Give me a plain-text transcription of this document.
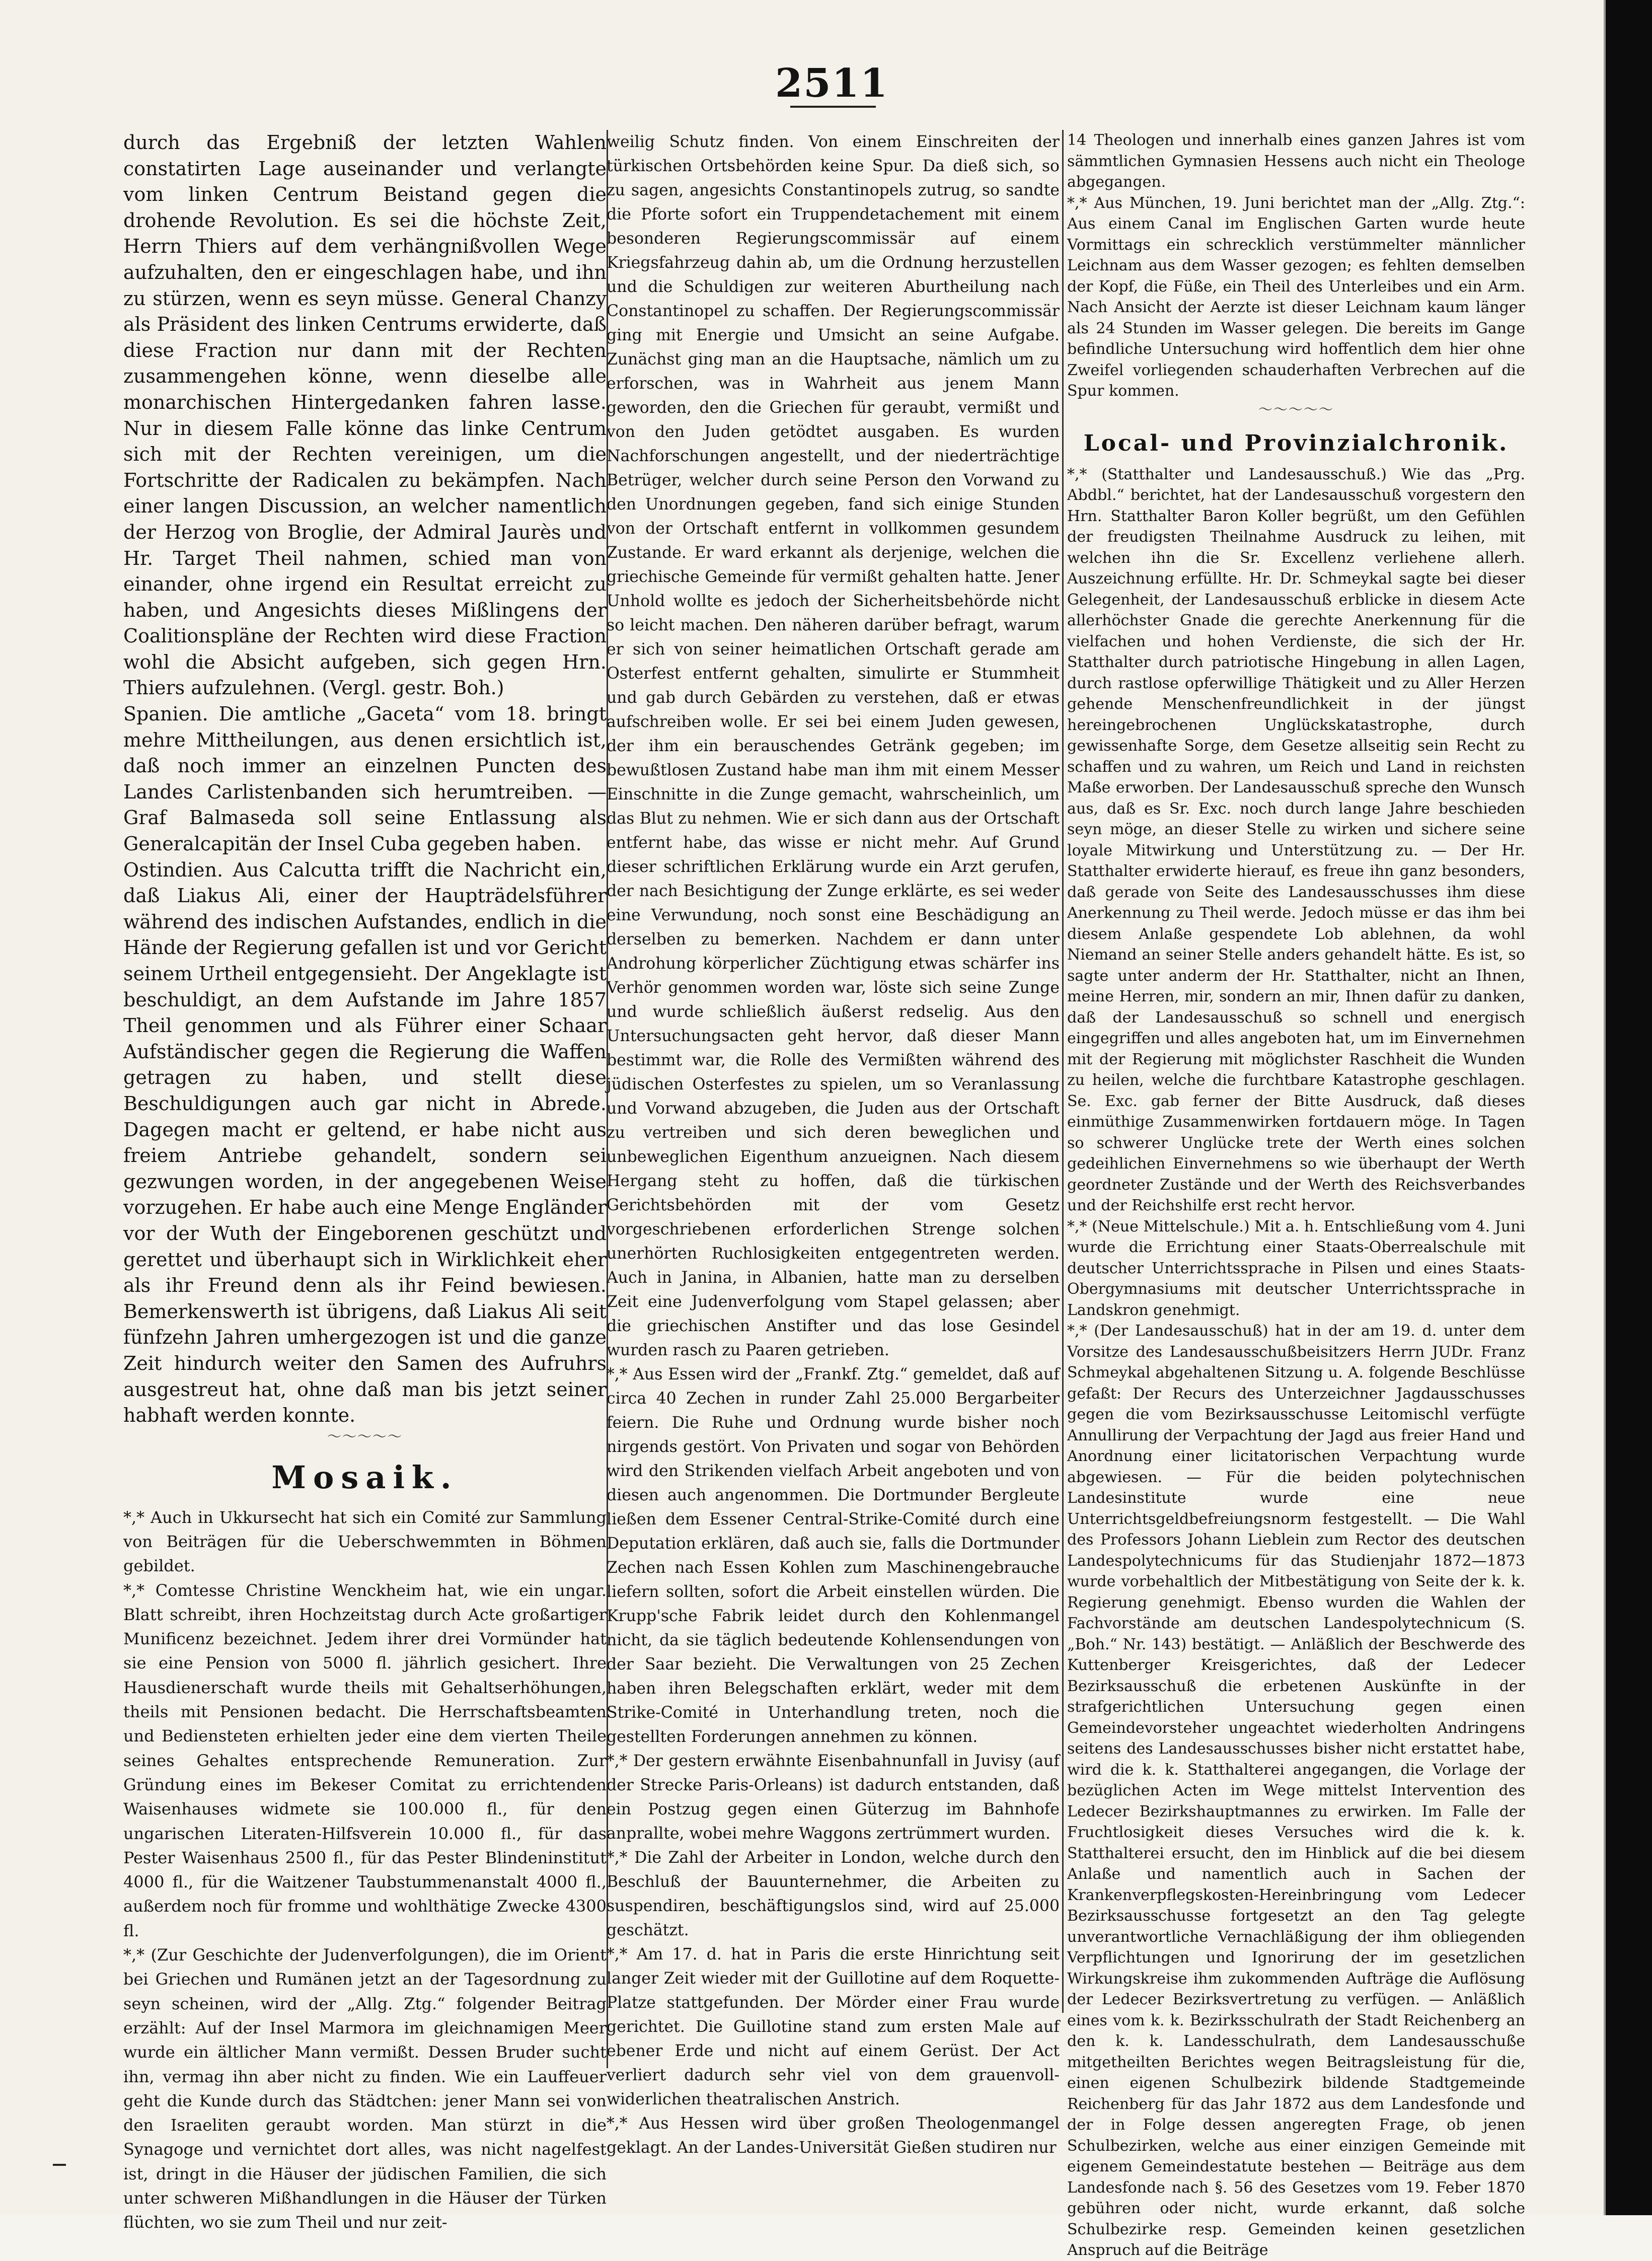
2511

durch das Ergebniß der letzten Wahlen constatirten Lage auseinander und verlangte vom linken Centrum Beistand gegen die drohende Revolution. Es sei die höchste Zeit, Herrn Thiers auf dem verhängnißvollen Wege aufzuhalten, den er eingeschlagen habe, und ihn zu stürzen, wenn es seyn müsse. General Chanzy als Präsident des linken Centrums erwiderte, daß diese Fraction nur dann mit der Rechten zusammengehen könne, wenn dieselbe alle monarchischen Hintergedanken fahren lasse. Nur in diesem Falle könne das linke Centrum sich mit der Rechten vereinigen, um die Fortschritte der Radicalen zu bekämpfen. Nach einer langen Discussion, an welcher namentlich der Herzog von Broglie, der Admiral Jaurès und Hr. Target Theil nahmen, schied man von einander, ohne irgend ein Resultat erreicht zu haben, und Angesichts dieses Mißlingens der Coalitionspläne der Rechten wird diese Fraction wohl die Absicht aufgeben, sich gegen Hrn. Thiers aufzulehnen. (Vergl. gestr. Boh.)

Spanien. Die amtliche „Gaceta“ vom 18. bringt mehre Mittheilungen, aus denen ersichtlich ist, daß noch immer an einzelnen Puncten des Landes Carlistenbanden sich herumtreiben. — Graf Balmaseda soll seine Entlassung als Generalcapitän der Insel Cuba gegeben haben.

Ostindien. Aus Calcutta trifft die Nachricht ein, daß Liakus Ali, einer der Haupträdelsführer während des indischen Aufstandes, endlich in die Hände der Regierung gefallen ist und vor Gericht seinem Urtheil entgegensieht. Der Angeklagte ist beschuldigt, an dem Aufstande im Jahre 1857 Theil genommen und als Führer einer Schaar Aufständischer gegen die Regierung die Waffen getragen zu haben, und stellt diese Beschuldigungen auch gar nicht in Abrede. Dagegen macht er geltend, er habe nicht aus freiem Antriebe gehandelt, sondern sei gezwungen worden, in der angegebenen Weise vorzugehen. Er habe auch eine Menge Engländer vor der Wuth der Eingeborenen geschützt und gerettet und überhaupt sich in Wirklichkeit eher als ihr Freund denn als ihr Feind bewiesen. Bemerkenswerth ist übrigens, daß Liakus Ali seit fünfzehn Jahren umhergezogen ist und die ganze Zeit hindurch weiter den Samen des Aufruhrs ausgestreut hat, ohne daß man bis jetzt seiner habhaft werden konnte.

〜〜〜〜〜
Mosaik.

*,* Auch in Ukkursecht hat sich ein Comité zur Sammlung von Beiträgen für die Ueberschwemmten in Böhmen gebildet.

*,* Comtesse Christine Wenckheim hat, wie ein ungar. Blatt schreibt, ihren Hochzeitstag durch Acte großartiger Munificenz bezeichnet. Jedem ihrer drei Vormünder hat sie eine Pension von 5000 fl. jährlich gesichert. Ihre Hausdienerschaft wurde theils mit Gehaltserhöhungen, theils mit Pensionen bedacht. Die Herrschaftsbeamten und Bediensteten erhielten jeder eine dem vierten Theile seines Gehaltes entsprechende Remuneration. Zur Gründung eines im Bekeser Comitat zu errichtenden Waisenhauses widmete sie 100.000 fl., für den ungarischen Literaten-Hilfsverein 10.000 fl., für das Pester Waisenhaus 2500 fl., für das Pester Blindeninstitut 4000 fl., für die Waitzener Taubstummenanstalt 4000 fl., außerdem noch für fromme und wohlthätige Zwecke 4300 fl.

*,* (Zur Geschichte der Judenverfolgungen), die im Orient bei Griechen und Rumänen jetzt an der Tagesordnung zu seyn scheinen, wird der „Allg. Ztg.“ folgender Beitrag erzählt: Auf der Insel Marmora im gleichnamigen Meer wurde ein ältlicher Mann vermißt. Dessen Bruder sucht ihn, vermag ihn aber nicht zu finden. Wie ein Lauffeuer geht die Kunde durch das Städtchen: jener Mann sei von den Israeliten geraubt worden. Man stürzt in die Synagoge und vernichtet dort alles, was nicht nagelfest ist, dringt in die Häuser der jüdischen Familien, die sich unter schweren Mißhandlungen in die Häuser der Türken flüchten, wo sie zum Theil und nur zeit-

weilig Schutz finden. Von einem Einschreiten der türkischen Ortsbehörden keine Spur. Da dieß sich, so zu sagen, angesichts Constantinopels zutrug, so sandte die Pforte sofort ein Truppendetachement mit einem besonderen Regierungscommissär auf einem Kriegsfahrzeug dahin ab, um die Ordnung herzustellen und die Schuldigen zur weiteren Aburtheilung nach Constantinopel zu schaffen. Der Regierungscommissär ging mit Energie und Umsicht an seine Aufgabe. Zunächst ging man an die Hauptsache, nämlich um zu erforschen, was in Wahrheit aus jenem Mann geworden, den die Griechen für geraubt, vermißt und von den Juden getödtet ausgaben. Es wurden Nachforschungen angestellt, und der niederträchtige Betrüger, welcher durch seine Person den Vorwand zu den Unordnungen gegeben, fand sich einige Stunden von der Ortschaft entfernt in vollkommen gesundem Zustande. Er ward erkannt als derjenige, welchen die griechische Gemeinde für vermißt gehalten hatte. Jener Unhold wollte es jedoch der Sicherheitsbehörde nicht so leicht machen. Den näheren darüber befragt, warum er sich von seiner heimatlichen Ortschaft gerade am Osterfest entfernt gehalten, simulirte er Stummheit und gab durch Gebärden zu verstehen, daß er etwas aufschreiben wolle. Er sei bei einem Juden gewesen, der ihm ein berauschendes Getränk gegeben; im bewußtlosen Zustand habe man ihm mit einem Messer Einschnitte in die Zunge gemacht, wahrscheinlich, um das Blut zu nehmen. Wie er sich dann aus der Ortschaft entfernt habe, das wisse er nicht mehr. Auf Grund dieser schriftlichen Erklärung wurde ein Arzt gerufen, der nach Besichtigung der Zunge erklärte, es sei weder eine Verwundung, noch sonst eine Beschädigung an derselben zu bemerken. Nachdem er dann unter Androhung körperlicher Züchtigung etwas schärfer ins Verhör genommen worden war, löste sich seine Zunge und wurde schließlich äußerst redselig. Aus den Untersuchungsacten geht hervor, daß dieser Mann bestimmt war, die Rolle des Vermißten während des jüdischen Osterfestes zu spielen, um so Veranlassung und Vorwand abzugeben, die Juden aus der Ortschaft zu vertreiben und sich deren beweglichen und unbeweglichen Eigenthum anzueignen. Nach diesem Hergang steht zu hoffen, daß die türkischen Gerichtsbehörden mit der vom Gesetz vorgeschriebenen erforderlichen Strenge solchen unerhörten Ruchlosigkeiten entgegentreten werden. Auch in Janina, in Albanien, hatte man zu derselben Zeit eine Judenverfolgung vom Stapel gelassen; aber die griechischen Anstifter und das lose Gesindel wurden rasch zu Paaren getrieben.

*,* Aus Essen wird der „Frankf. Ztg.“ gemeldet, daß auf circa 40 Zechen in runder Zahl 25.000 Bergarbeiter feiern. Die Ruhe und Ordnung wurde bisher noch nirgends gestört. Von Privaten und sogar von Behörden wird den Strikenden vielfach Arbeit angeboten und von diesen auch angenommen. Die Dortmunder Bergleute ließen dem Essener Central-Strike-Comité durch eine Deputation erklären, daß auch sie, falls die Dortmunder Zechen nach Essen Kohlen zum Maschinengebrauche liefern sollten, sofort die Arbeit einstellen würden. Die Krupp'sche Fabrik leidet durch den Kohlenmangel nicht, da sie täglich bedeutende Kohlensendungen von der Saar bezieht. Die Verwaltungen von 25 Zechen haben ihren Belegschaften erklärt, weder mit dem Strike-Comité in Unterhandlung treten, noch die gestellten Forderungen annehmen zu können.

*,* Der gestern erwähnte Eisenbahnunfall in Juvisy (auf der Strecke Paris-Orleans) ist dadurch entstanden, daß ein Postzug gegen einen Güterzug im Bahnhofe anprallte, wobei mehre Waggons zertrümmert wurden.

*,* Die Zahl der Arbeiter in London, welche durch den Beschluß der Bauunternehmer, die Arbeiten zu suspendiren, beschäftigungslos sind, wird auf 25.000 geschätzt.

*,* Am 17. d. hat in Paris die erste Hinrichtung seit langer Zeit wieder mit der Guillotine auf dem Roquette-Platze stattgefunden. Der Mörder einer Frau wurde gerichtet. Die Guillotine stand zum ersten Male auf ebener Erde und nicht auf einem Gerüst. Der Act verliert dadurch sehr viel von dem grauenvoll-widerlichen theatralischen Anstrich.

*,* Aus Hessen wird über großen Theologenmangel geklagt. An der Landes-Universität Gießen studiren nur

14 Theologen und innerhalb eines ganzen Jahres ist vom sämmtlichen Gymnasien Hessens auch nicht ein Theologe abgegangen.

*,* Aus München, 19. Juni berichtet man der „Allg. Ztg.“: Aus einem Canal im Englischen Garten wurde heute Vormittags ein schrecklich verstümmelter männlicher Leichnam aus dem Wasser gezogen; es fehlten demselben der Kopf, die Füße, ein Theil des Unterleibes und ein Arm. Nach Ansicht der Aerzte ist dieser Leichnam kaum länger als 24 Stunden im Wasser gelegen. Die bereits im Gange befindliche Untersuchung wird hoffentlich dem hier ohne Zweifel vorliegenden schauderhaften Verbrechen auf die Spur kommen.

〜〜〜〜〜
Local- und Provinzialchronik.

*,* (Statthalter und Landesausschuß.) Wie das „Prg. Abdbl.“ berichtet, hat der Landesausschuß vorgestern den Hrn. Statthalter Baron Koller begrüßt, um den Gefühlen der freudigsten Theilnahme Ausdruck zu leihen, mit welchen ihn die Sr. Excellenz verliehene allerh. Auszeichnung erfüllte. Hr. Dr. Schmeykal sagte bei dieser Gelegenheit, der Landesausschuß erblicke in diesem Acte allerhöchster Gnade die gerechte Anerkennung für die vielfachen und hohen Verdienste, die sich der Hr. Statthalter durch patriotische Hingebung in allen Lagen, durch rastlose opferwillige Thätigkeit und zu Aller Herzen gehende Menschenfreundlichkeit in der jüngst hereingebrochenen Unglückskatastrophe, durch gewissenhafte Sorge, dem Gesetze allseitig sein Recht zu schaffen und zu wahren, um Reich und Land in reichsten Maße erworben. Der Landesausschuß spreche den Wunsch aus, daß es Sr. Exc. noch durch lange Jahre beschieden seyn möge, an dieser Stelle zu wirken und sichere seine loyale Mitwirkung und Unterstützung zu. — Der Hr. Statthalter erwiderte hierauf, es freue ihn ganz besonders, daß gerade von Seite des Landesausschusses ihm diese Anerkennung zu Theil werde. Jedoch müsse er das ihm bei diesem Anlaße gespendete Lob ablehnen, da wohl Niemand an seiner Stelle anders gehandelt hätte. Es ist, so sagte unter anderm der Hr. Statthalter, nicht an Ihnen, meine Herren, mir, sondern an mir, Ihnen dafür zu danken, daß der Landesausschuß so schnell und energisch eingegriffen und alles angeboten hat, um im Einvernehmen mit der Regierung mit möglichster Raschheit die Wunden zu heilen, welche die furchtbare Katastrophe geschlagen. Se. Exc. gab ferner der Bitte Ausdruck, daß dieses einmüthige Zusammenwirken fortdauern möge. In Tagen so schwerer Unglücke trete der Werth eines solchen gedeihlichen Einvernehmens so wie überhaupt der Werth geordneter Zustände und der Werth des Reichsverbandes und der Reichshilfe erst recht hervor.

*,* (Neue Mittelschule.) Mit a. h. Entschließung vom 4. Juni wurde die Errichtung einer Staats-Oberrealschule mit deutscher Unterrichtssprache in Pilsen und eines Staats-Obergymnasiums mit deutscher Unterrichtssprache in Landskron genehmigt.

*,* (Der Landesausschuß) hat in der am 19. d. unter dem Vorsitze des Landesausschußbeisitzers Herrn JUDr. Franz Schmeykal abgehaltenen Sitzung u. A. folgende Beschlüsse gefaßt: Der Recurs des Unterzeichner Jagdausschusses gegen die vom Bezirksausschusse Leitomischl verfügte Annullirung der Verpachtung der Jagd aus freier Hand und Anordnung einer licitatorischen Verpachtung wurde abgewiesen. — Für die beiden polytechnischen Landesinstitute wurde eine neue Unterrichtsgeldbefreiungsnorm festgestellt. — Die Wahl des Professors Johann Lieblein zum Rector des deutschen Landespolytechnicums für das Studienjahr 1872—1873 wurde vorbehaltlich der Mitbestätigung von Seite der k. k. Regierung genehmigt. Ebenso wurden die Wahlen der Fachvorstände am deutschen Landespolytechnicum (S. „Boh.“ Nr. 143) bestätigt. — Anläßlich der Beschwerde des Kuttenberger Kreisgerichtes, daß der Ledecer Bezirksausschuß die erbetenen Auskünfte in der strafgerichtlichen Untersuchung gegen einen Gemeindevorsteher ungeachtet wiederholten Andringens seitens des Landesausschusses bisher nicht erstattet habe, wird die k. k. Statthalterei angegangen, die Vorlage der bezüglichen Acten im Wege mittelst Intervention des Ledecer Bezirkshauptmannes zu erwirken. Im Falle der Fruchtlosigkeit dieses Versuches wird die k. k. Statthalterei ersucht, den im Hinblick auf die bei diesem Anlaße und namentlich auch in Sachen der Krankenverpflegskosten-Hereinbringung vom Ledecer Bezirksausschusse fortgesetzt an den Tag gelegte unverantwortliche Vernachläßigung der ihm obliegenden Verpflichtungen und Ignorirung der im gesetzlichen Wirkungskreise ihm zukommenden Aufträge die Auflösung der Ledecer Bezirksvertretung zu verfügen. — Anläßlich eines vom k. k. Bezirksschulrath der Stadt Reichenberg an den k. k. Landesschulrath, dem Landesausschuße mitgetheilten Berichtes wegen Beitragsleistung für die, einen eigenen Schulbezirk bildende Stadtgemeinde Reichenberg für das Jahr 1872 aus dem Landesfonde und der in Folge dessen angeregten Frage, ob jenen Schulbezirken, welche aus einer einzigen Gemeinde mit eigenem Gemeindestatute bestehen — Beiträge aus dem Landesfonde nach §. 56 des Gesetzes vom 19. Feber 1870 gebühren oder nicht, wurde erkannt, daß solche Schulbezirke resp. Gemeinden keinen gesetzlichen Anspruch auf die Beiträge
